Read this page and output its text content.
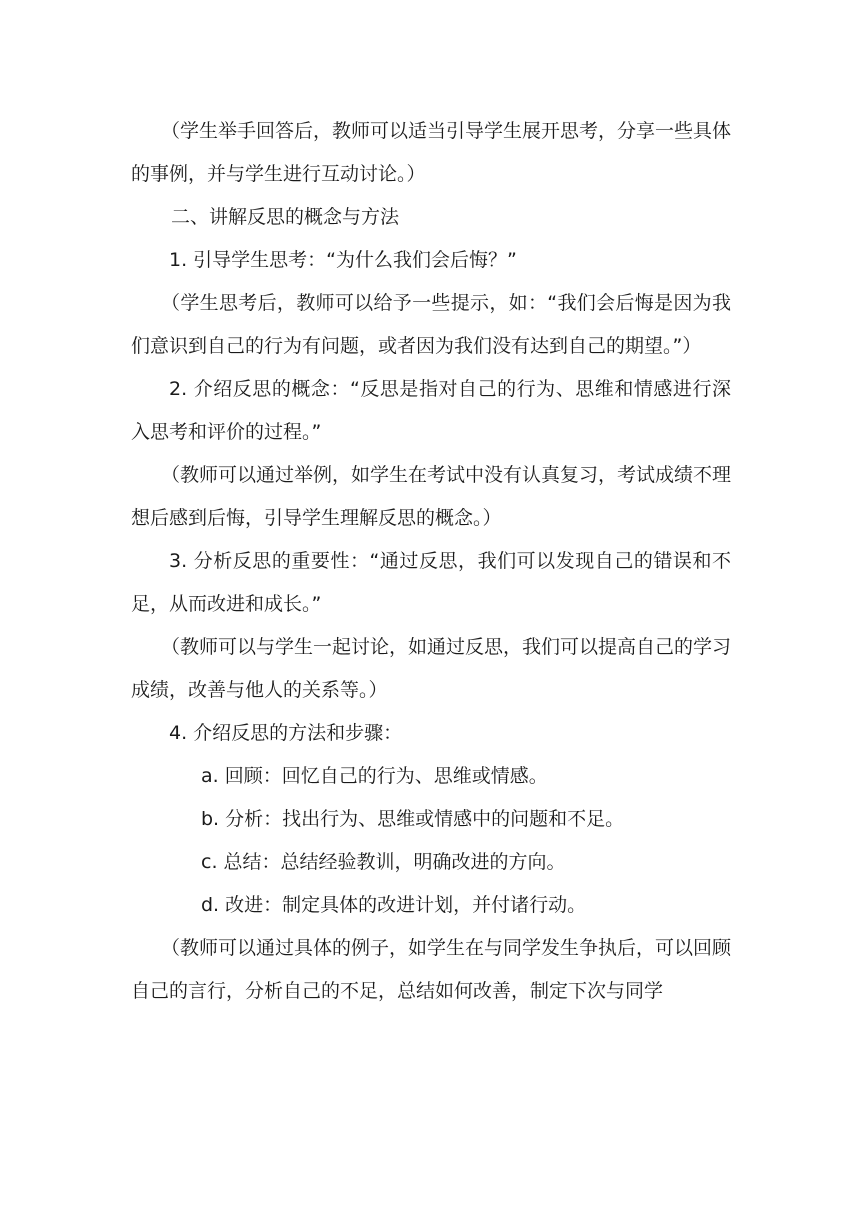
（学生举手回答后，教师可以适当引导学生展开思考，分享一些具体的事例，并与学生进行互动讨论。）

二、讲解反思的概念与方法

1. 引导学生思考：“为什么我们会后悔？”

（学生思考后，教师可以给予一些提示，如：“我们会后悔是因为我们意识到自己的行为有问题，或者因为我们没有达到自己的期望。”）

2. 介绍反思的概念：“反思是指对自己的行为、思维和情感进行深入思考和评价的过程。”

（教师可以通过举例，如学生在考试中没有认真复习，考试成绩不理想后感到后悔，引导学生理解反思的概念。）

3. 分析反思的重要性：“通过反思，我们可以发现自己的错误和不足，从而改进和成长。”

（教师可以与学生一起讨论，如通过反思，我们可以提高自己的学习成绩，改善与他人的关系等。）

4. 介绍反思的方法和步骤：

a. 回顾：回忆自己的行为、思维或情感。

b. 分析：找出行为、思维或情感中的问题和不足。

c. 总结：总结经验教训，明确改进的方向。

d. 改进：制定具体的改进计划，并付诸行动。

（教师可以通过具体的例子，如学生在与同学发生争执后，可以回顾自己的言行，分析自己的不足，总结如何改善，制定下次与同学
